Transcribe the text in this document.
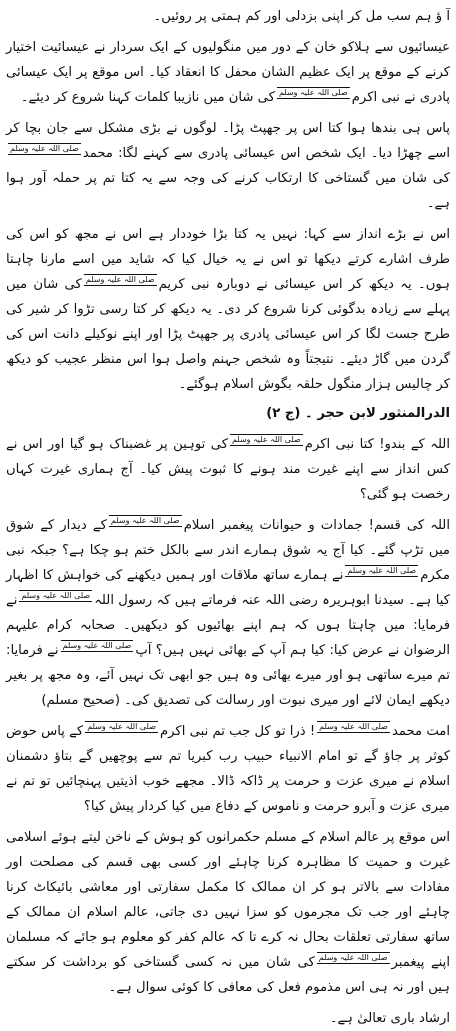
آ ؤ ہم سب مل کر اپنی بزدلی اور کم ہمتی پر روئیں۔

عیسائیوں سے ہلاکو خان کے دور میں منگولیوں کے ایک سردار نے عیسائیت اختیار کرنے کے موقع پر ایک عظیم الشان محفل کا انعقاد کیا۔ اس موقع پر ایک عیسائی پادری نے نبی اکرمصلی اللہ علیہ وسلمکی شان میں نازیبا کلمات کہنا شروع کر دیئے۔

پاس ہی بندھا ہوا کتا اس پر جھپٹ پڑا۔ لوگوں نے بڑی مشکل سے جان بچا کر اسے چھڑا دیا۔ ایک شخص اس عیسائی پادری سے کہنے لگا: محمدصلی اللہ علیہ وسلمکی شان میں گستاخی کا ارتکاب کرنے کی وجہ سے یہ کتا تم پر حملہ آور ہوا ہے۔

اس نے بڑے انداز سے کہا: نہیں یہ کتا بڑا خوددار ہے اس نے مجھ کو اس کی طرف اشارے کرتے دیکھا تو اس نے یہ خیال کیا کہ شاید میں اسے مارنا چاہتا ہوں۔ یہ دیکھ کر اس عیسائی نے دوبارہ نبی کریمصلی اللہ علیہ وسلمکی شان میں پہلے سے زیادہ بدگوئی کرنا شروع کر دی۔ یہ دیکھ کر کتا رسی تڑوا کر شیر کی طرح جست لگا کر اس عیسائی پادری پر جھپٹ پڑا اور اپنے نوکیلے دانت اس کی گردن میں گاڑ دیئے۔ نتیجتاً وہ شخص جہنم واصل ہوا اس منظر عجیب کو دیکھ کر چالیس ہزار منگول حلقہ بگوش اسلام ہوگئے۔

الدرالمنثور لابن حجر ۔ (ج ۲)

اللہ کے بندو! کتا نبی اکرمصلی اللہ علیہ وسلمکی توہین پر غضبناک ہو گیا اور اس نے کس انداز سے اپنے غیرت مند ہونے کا ثبوت پیش کیا۔ آج ہماری غیرت کہاں رخصت ہو گئی؟

اللہ کی قسم! جمادات و حیوانات پیغمبر اسلامصلی اللہ علیہ وسلمکے دیدار کے شوق میں تڑپ گئے۔ کیا آج یہ شوق ہمارے اندر سے بالکل ختم ہو چکا ہے؟ جبکہ نبی مکرمصلی اللہ علیہ وسلمنے ہمارے ساتھ ملاقات اور ہمیں دیکھنے کی خواہش کا اظہار کیا ہے۔ سیدنا ابوہریرہ رضی اللہ عنہ فرماتے ہیں کہ رسول اللہصلی اللہ علیہ وسلمنے فرمایا: میں چاہتا ہوں کہ ہم اپنے بھائیوں کو دیکھیں۔ صحابہ کرام علیہم الرضوان نے عرض کیا: کیا ہم آپ کے بھائی نہیں ہیں؟ آپصلی اللہ علیہ وسلمنے فرمایا: تم میرے ساتھی ہو اور میرے بھائی وہ ہیں جو ابھی تک نہیں آئے، وہ مجھ پر بغیر دیکھے ایمان لائے اور میری نبوت اور رسالت کی تصدیق کی۔ (صحیح مسلم)

امت محمدصلی اللہ علیہ وسلم! ذرا تو کل جب تم نبی اکرمصلی اللہ علیہ وسلمکے پاس حوض کوثر پر جاؤ گے تو امام الانبیاء حبیب رب کبریا تم سے پوچھیں گے بتاؤ دشمنان اسلام نے میری عزت و حرمت پر ڈاکہ ڈالا۔ مجھے خوب اذیتیں پہنچائیں تو تم نے میری عزت و آبرو حرمت و ناموس کے دفاع میں کیا کردار پیش کیا؟

اس موقع پر عالم اسلام کے مسلم حکمرانوں کو ہوش کے ناخن لیتے ہوئے اسلامی غیرت و حمیت کا مظاہرہ کرنا چاہئے اور کسی بھی قسم کی مصلحت اور مفادات سے بالاتر ہو کر ان ممالک کا مکمل سفارتی اور معاشی بائیکاٹ کرنا چاہئے اور جب تک مجرموں کو سزا نہیں دی جاتی، عالم اسلام ان ممالک کے ساتھ سفارتی تعلقات بحال نہ کرے تا کہ عالم کفر کو معلوم ہو جائے کہ مسلمان اپنے پیغمبرصلی اللہ علیہ وسلمکی شان میں نہ کسی گستاخی کو برداشت کر سکتے ہیں اور نہ ہی اس مذموم فعل کی معافی کا کوئی سوال ہے۔

ارشاد باری تعالیٰ ہے۔
